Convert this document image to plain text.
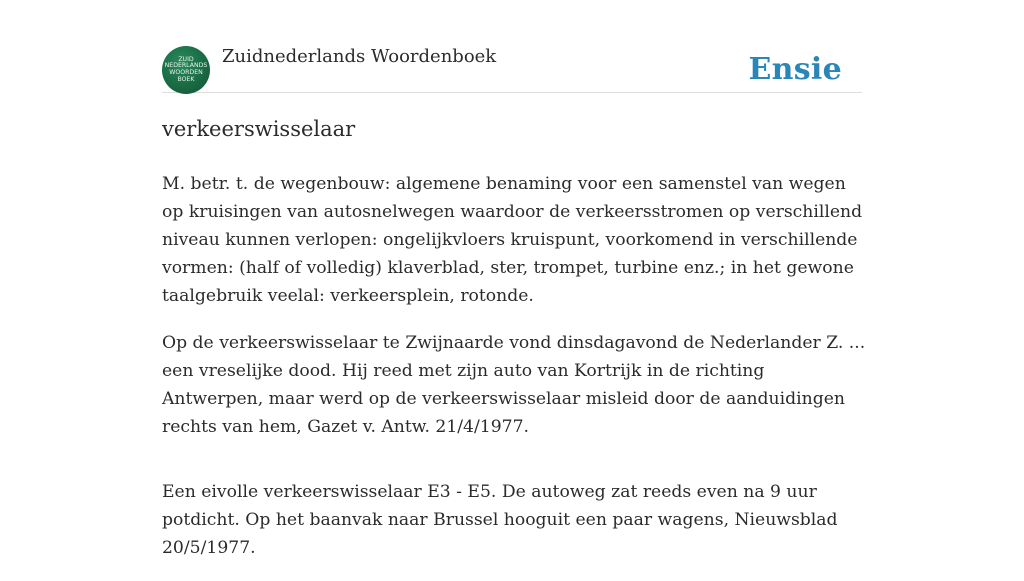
ZUID
NEDERLANDS
WOORDEN
BOEK
Zuidnederlands Woordenboek	Ensie
verkeerswisselaar

M. betr. t. de wegenbouw: algemene benaming voor een samenstel van wegen op kruisingen van autosnelwegen waardoor de verkeersstromen op verschillend niveau kunnen verlopen: ongelijkvloers kruispunt, voorkomend in verschillende vormen: (half of volledig) klaverblad, ster, trompet, turbine enz.; in het gewone taalgebruik veelal: verkeersplein, rotonde.

Op de verkeerswisselaar te Zwijnaarde vond dinsdagavond de Nederlander Z. ... een vreselijke dood. Hij reed met zijn auto van Kortrijk in de richting Antwerpen, maar werd op de verkeerswisselaar misleid door de aanduidingen rechts van hem, Gazet v. Antw. 21/4/1977.

Een eivolle verkeerswisselaar E3 - E5. De autoweg zat reeds even na 9 uur potdicht. Op het baanvak naar Brussel hooguit een paar wagens, Nieuwsblad 20/5/1977.
